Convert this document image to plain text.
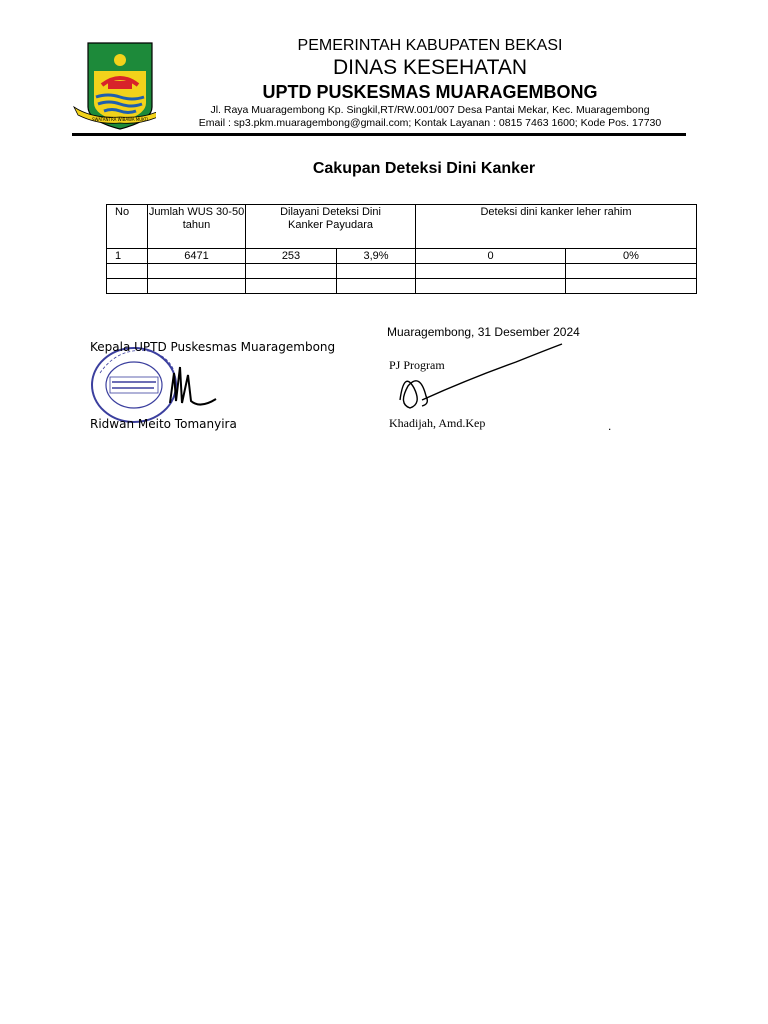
SWATANTRA WIBAWA MUKTI
PEMERINTAH KABUPATEN BEKASI
DINAS KESEHATAN
UPTD PUSKESMAS MUARAGEMBONG
Jl. Raya Muaragembong Kp. Singkil,RT/RW.001/007 Desa Pantai Mekar, Kec. Muaragembong
Email : sp3.pkm.muaragembong@gmail.com; Kontak Layanan : 0815 7463 1600; Kode Pos. 17730
Cakupan Deteksi Dini Kanker
No	Jumlah WUS 30-50 tahun	Dilayani Deteksi Dini Kanker Payudara		Deteksi dini kanker leher rahim	
1	6471	253	3,9%	0	0%

Kepala UPTD Puskesmas Muaragembong
Ridwan Meito Tomanyira
Muaragembong, 31 Desember 2024
PJ Program
Khadijah, Amd.Kep	.
